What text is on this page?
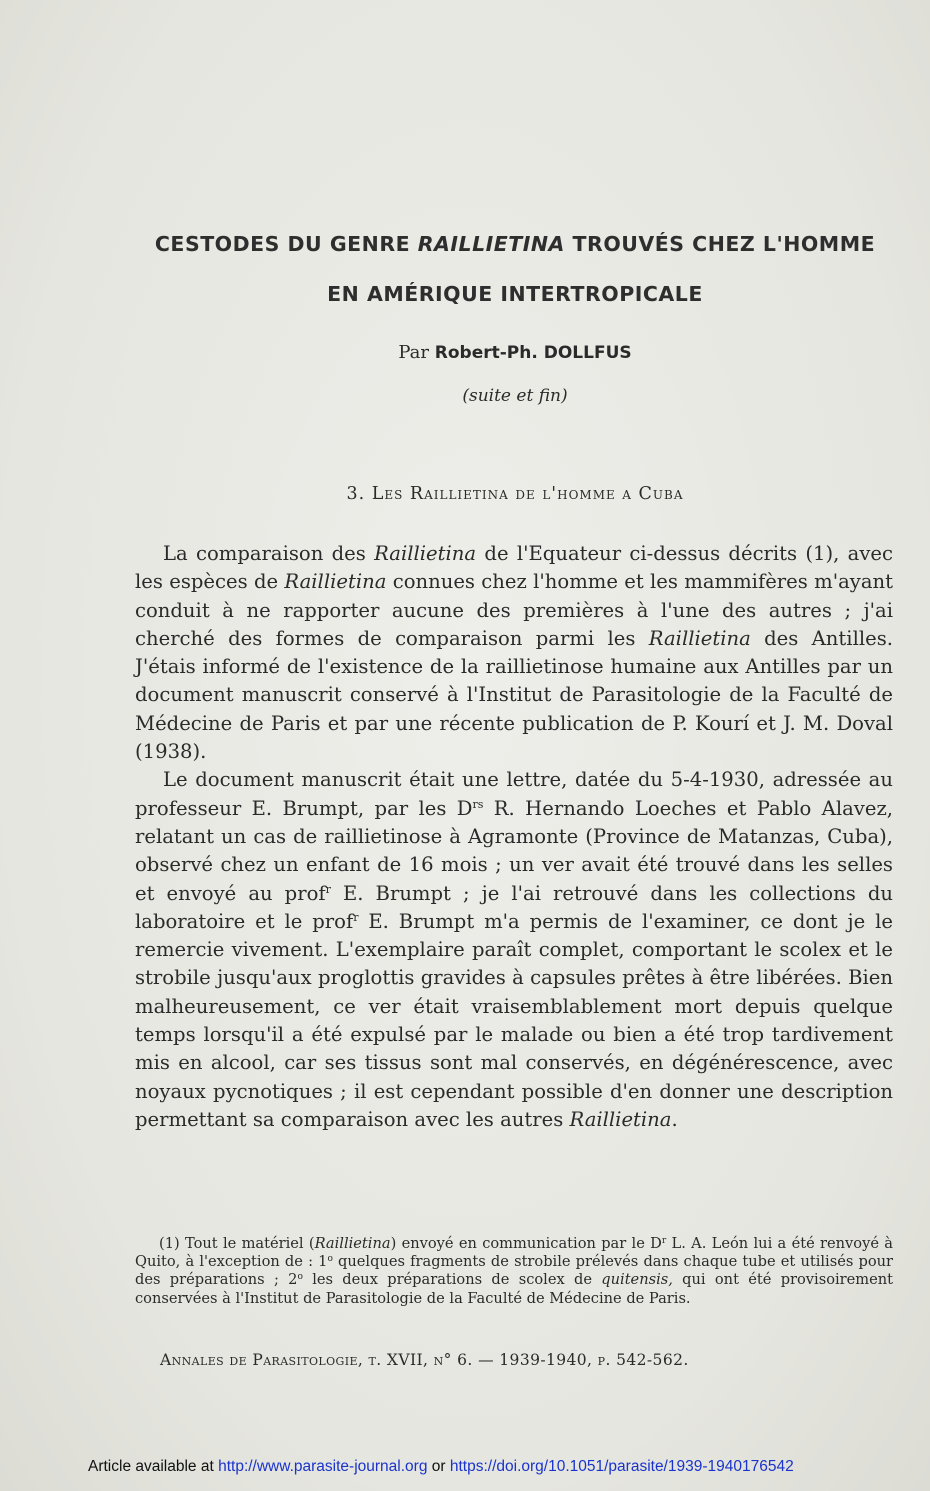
CESTODES DU GENRE RAILLIETINA TROUVÉS CHEZ L'HOMME
EN AMÉRIQUE INTERTROPICALE
Par Robert-Ph. DOLLFUS
(suite et fin)
3. Les Raillietina de l'homme a Cuba

La comparaison des Raillietina de l'Equateur ci-dessus décrits (1), avec les espèces de Raillietina connues chez l'homme et les mammifères m'ayant conduit à ne rapporter aucune des premières à l'une des autres ; j'ai cherché des formes de comparaison parmi les Raillietina des Antilles. J'étais informé de l'existence de la raillietinose humaine aux Antilles par un document manuscrit conservé à l'Institut de Parasitologie de la Faculté de Médecine de Paris et par une récente publication de P. Kourí et J. M. Doval (1938).

Le document manuscrit était une lettre, datée du 5-4-1930, adressée au professeur E. Brumpt, par les $D^{rs}$ R. Hernando Loeches et Pablo Alavez, relatant un cas de raillietinose à Agramonte (Province de Matanzas, Cuba), observé chez un enfant de 16 mois ; un ver avait été trouvé dans les selles et envoyé au prof$^r$ E. Brumpt ; je l'ai retrouvé dans les collections du laboratoire et le prof$^r$ E. Brumpt m'a permis de l'examiner, ce dont je le remercie vivement. L'exemplaire paraît complet, comportant le scolex et le strobile jusqu'aux proglottis gravides à capsules prêtes à être libérées. Bien malheureusement, ce ver était vraisemblablement mort depuis quelque temps lorsqu'il a été expulsé par le malade ou bien a été trop tardivement mis en alcool, car ses tissus sont mal conservés, en dégénérescence, avec noyaux pycnotiques ; il est cependant possible d'en donner une description permettant sa comparaison avec les autres Raillietina.

(1) Tout le matériel (Raillietina) envoyé en communication par le $D^r$ L. A. León lui a été renvoyé à Quito, à l'exception de : 1$^o$ quelques fragments de strobile prélevés dans chaque tube et utilisés pour des préparations ; 2$^o$ les deux préparations de scolex de quitensis, qui ont été provisoirement conservées à l'Institut de Parasitologie de la Faculté de Médecine de Paris.

Annales de Parasitologie, t. XVII, n° 6. — 1939-1940, p. 542-562.
Article available at http://www.parasite-journal.org or https://doi.org/10.1051/parasite/1939-1940176542
